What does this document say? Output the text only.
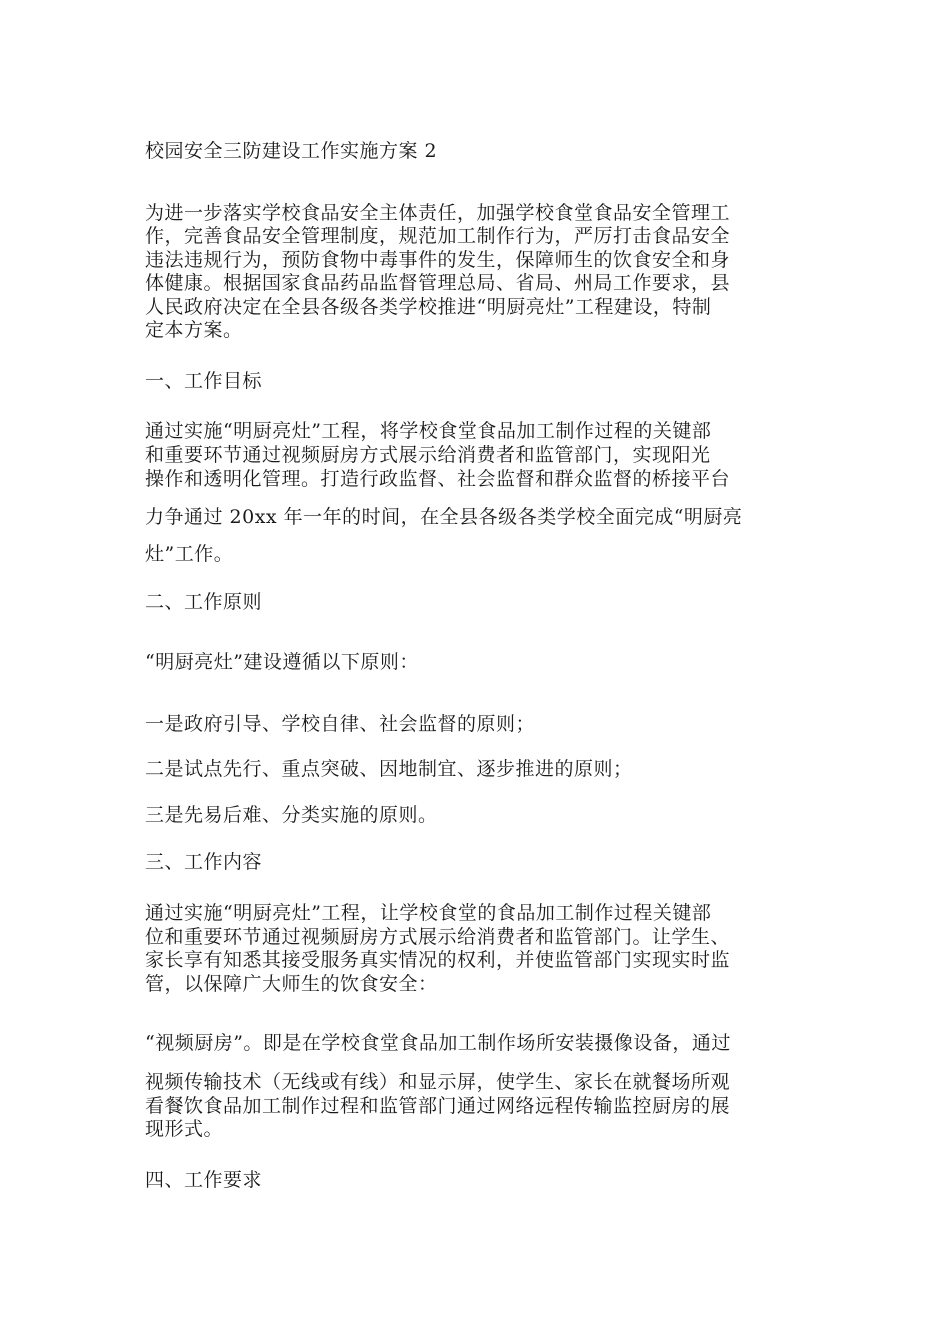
校园安全三防建设工作实施方案 2
为进一步落实学校食品安全主体责任，加强学校食堂食品安全管理工
作，完善食品安全管理制度，规范加工制作行为，严厉打击食品安全
违法违规行为，预防食物中毒事件的发生，保障师生的饮食安全和身
体健康。根据国家食品药品监督管理总局、省局、州局工作要求，县
人民政府决定在全县各级各类学校推进“明厨亮灶”工程建设，特制
定本方案。
一、工作目标
通过实施“明厨亮灶”工程，将学校食堂食品加工制作过程的关键部
和重要环节通过视频厨房方式展示给消费者和监管部门，实现阳光
操作和透明化管理。打造行政监督、社会监督和群众监督的桥接平台
力争通过 20xx 年一年的时间，在全县各级各类学校全面完成“明厨亮
灶”工作。
二、工作原则
“明厨亮灶”建设遵循以下原则：
一是政府引导、学校自律、社会监督的原则；
二是试点先行、重点突破、因地制宜、逐步推进的原则；
三是先易后难、分类实施的原则。
三、工作内容
通过实施“明厨亮灶”工程，让学校食堂的食品加工制作过程关键部
位和重要环节通过视频厨房方式展示给消费者和监管部门。让学生、
家长享有知悉其接受服务真实情况的权利，并使监管部门实现实时监
管，以保障广大师生的饮食安全：
“视频厨房”。即是在学校食堂食品加工制作场所安装摄像设备，通过
视频传输技术（无线或有线）和显示屏，使学生、家长在就餐场所观
看餐饮食品加工制作过程和监管部门通过网络远程传输监控厨房的展
现形式。
四、工作要求
